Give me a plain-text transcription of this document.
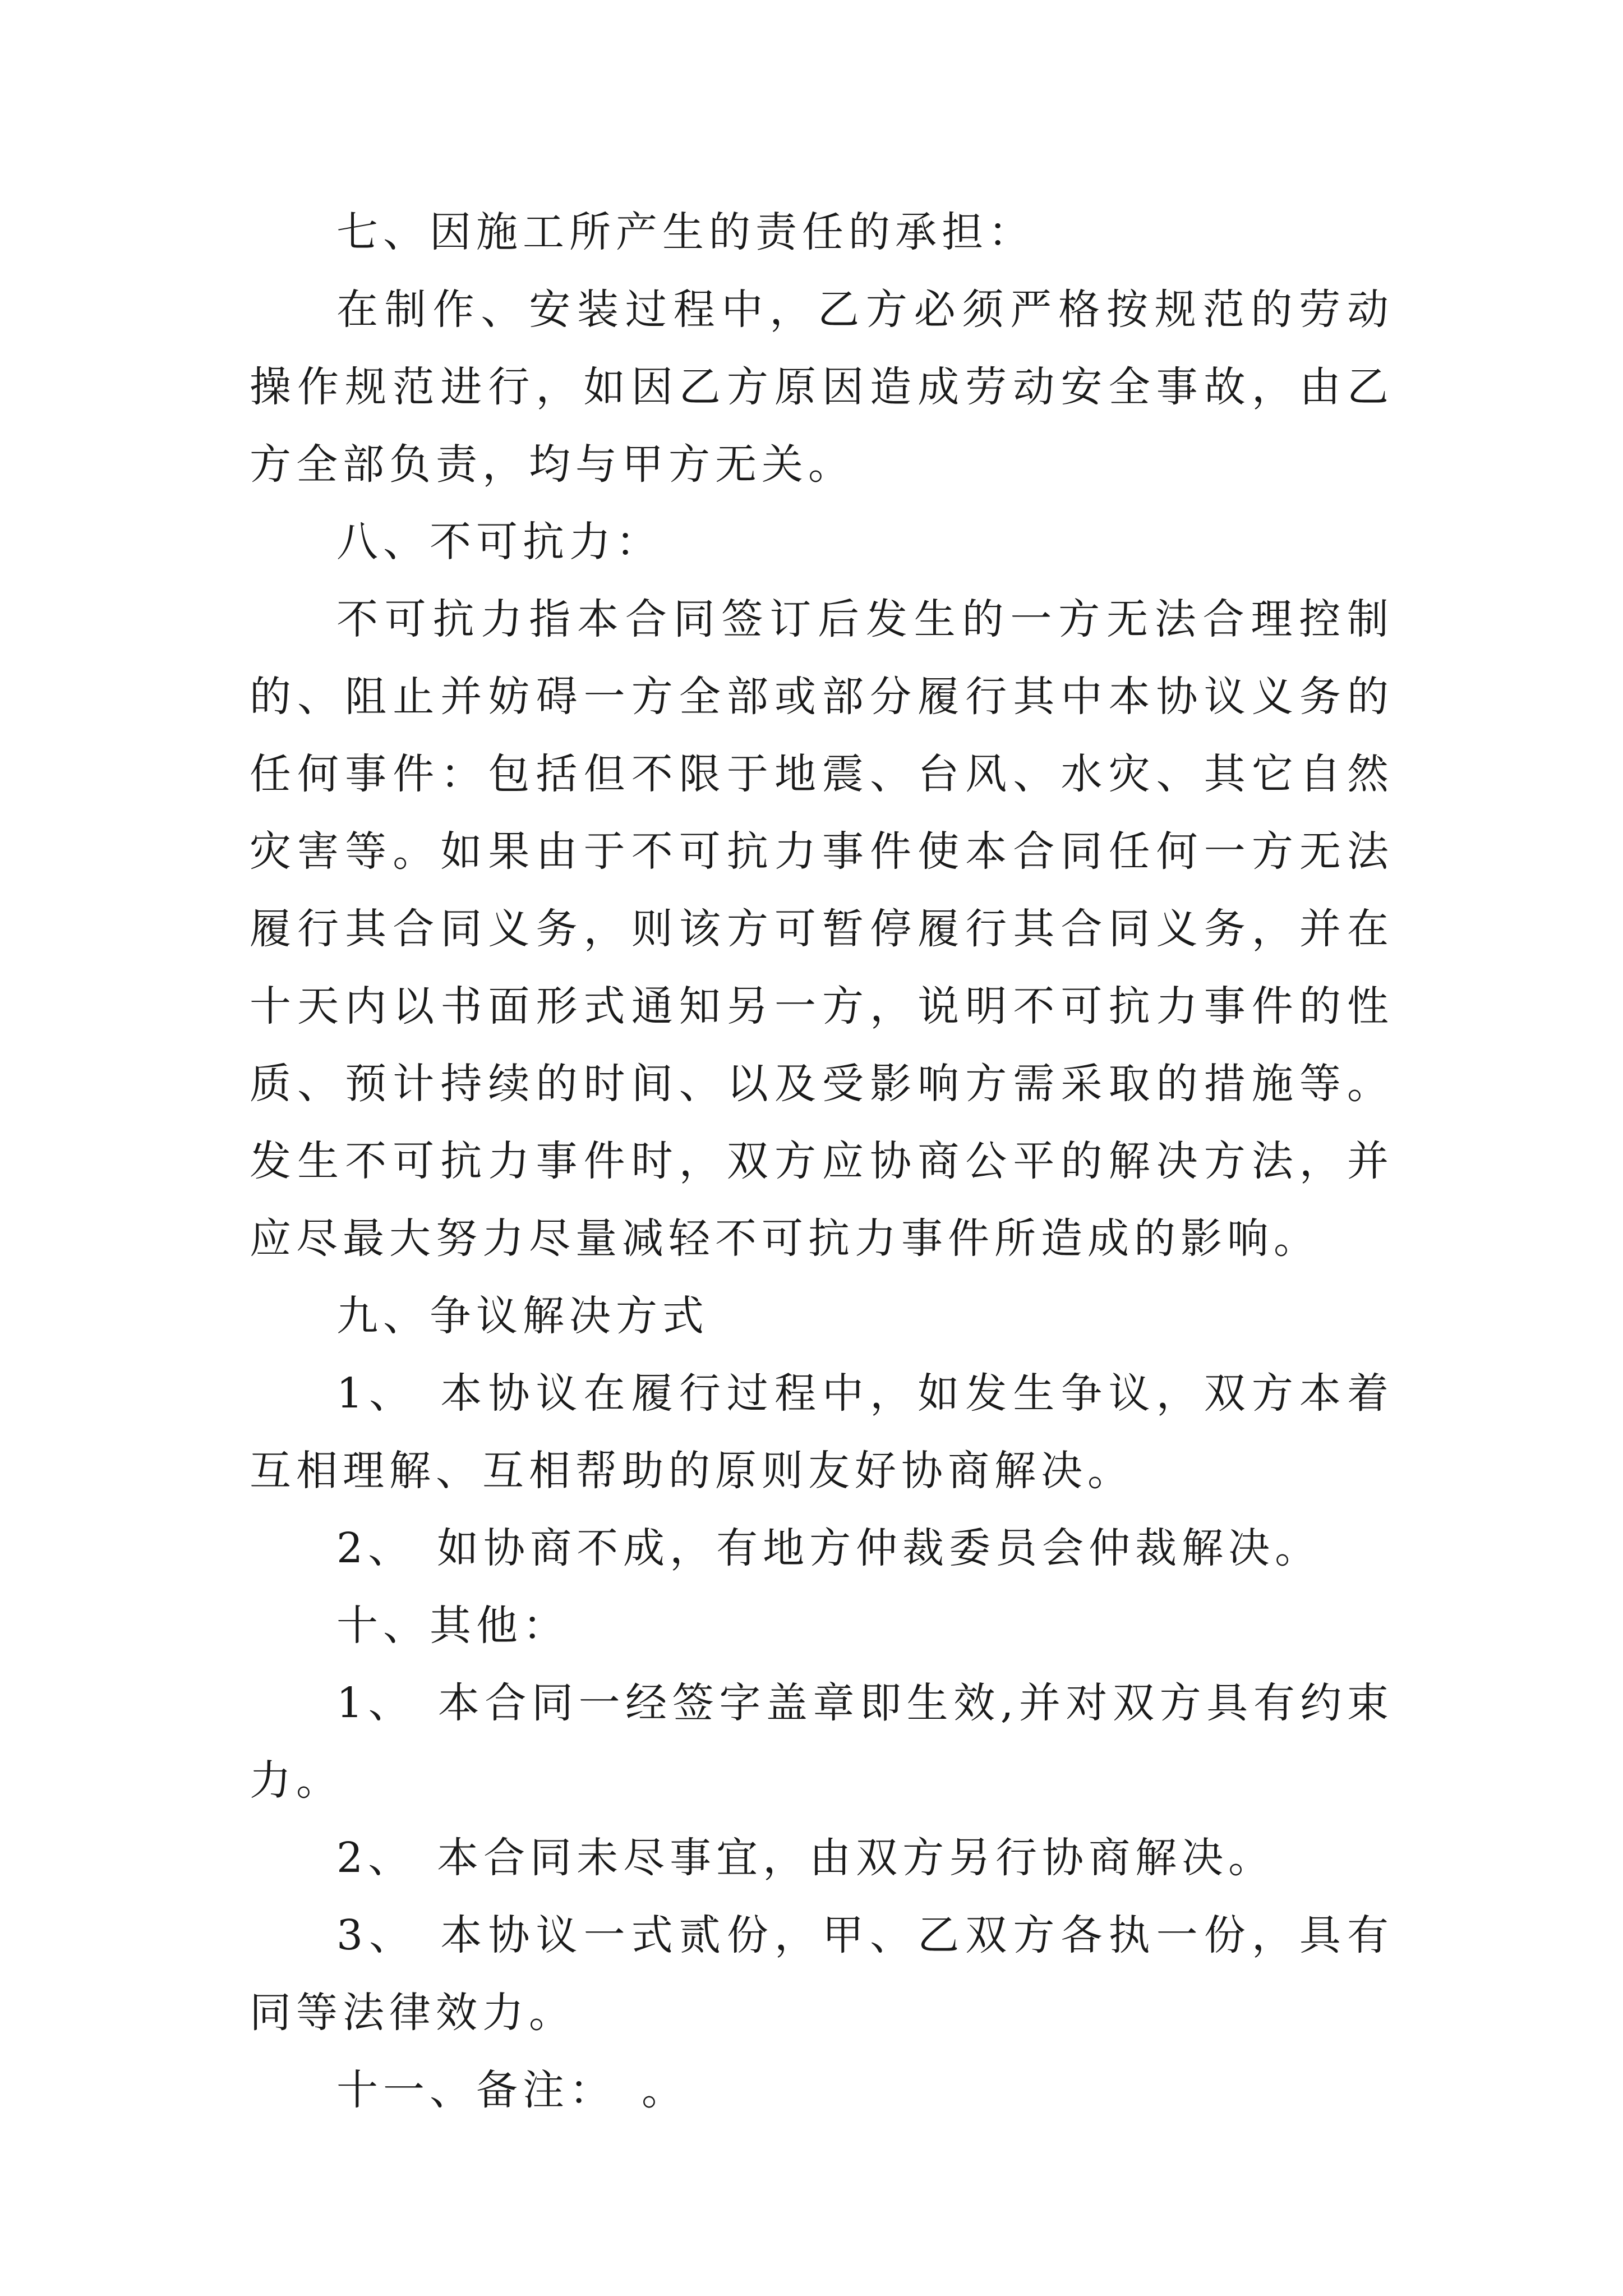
七、因施工所产生的责任的承担：

在制作、安装过程中，乙方必须严格按规范的劳动操作规范进行，如因乙方原因造成劳动安全事故，由乙方全部负责，均与甲方无关。

八、不可抗力：

不可抗力指本合同签订后发生的一方无法合理控制的、阻止并妨碍一方全部或部分履行其中本协议义务的任何事件：包括但不限于地震、台风、水灾、其它自然灾害等。如果由于不可抗力事件使本合同任何一方无法履行其合同义务，则该方可暂停履行其合同义务，并在十天内以书面形式通知另一方，说明不可抗力事件的性质、预计持续的时间、以及受影响方需采取的措施等。发生不可抗力事件时，双方应协商公平的解决方法，并应尽最大努力尽量减轻不可抗力事件所造成的影响。

九、争议解决方式

1、 本协议在履行过程中，如发生争议，双方本着互相理解、互相帮助的原则友好协商解决。

2、 如协商不成，有地方仲裁委员会仲裁解决。

十、其他：

1、 本合同一经签字盖章即生效,并对双方具有约束力。

2、 本合同未尽事宜，由双方另行协商解决。

3、 本协议一式贰份，甲、乙双方各执一份，具有同等法律效力。

十一、备注：　。
